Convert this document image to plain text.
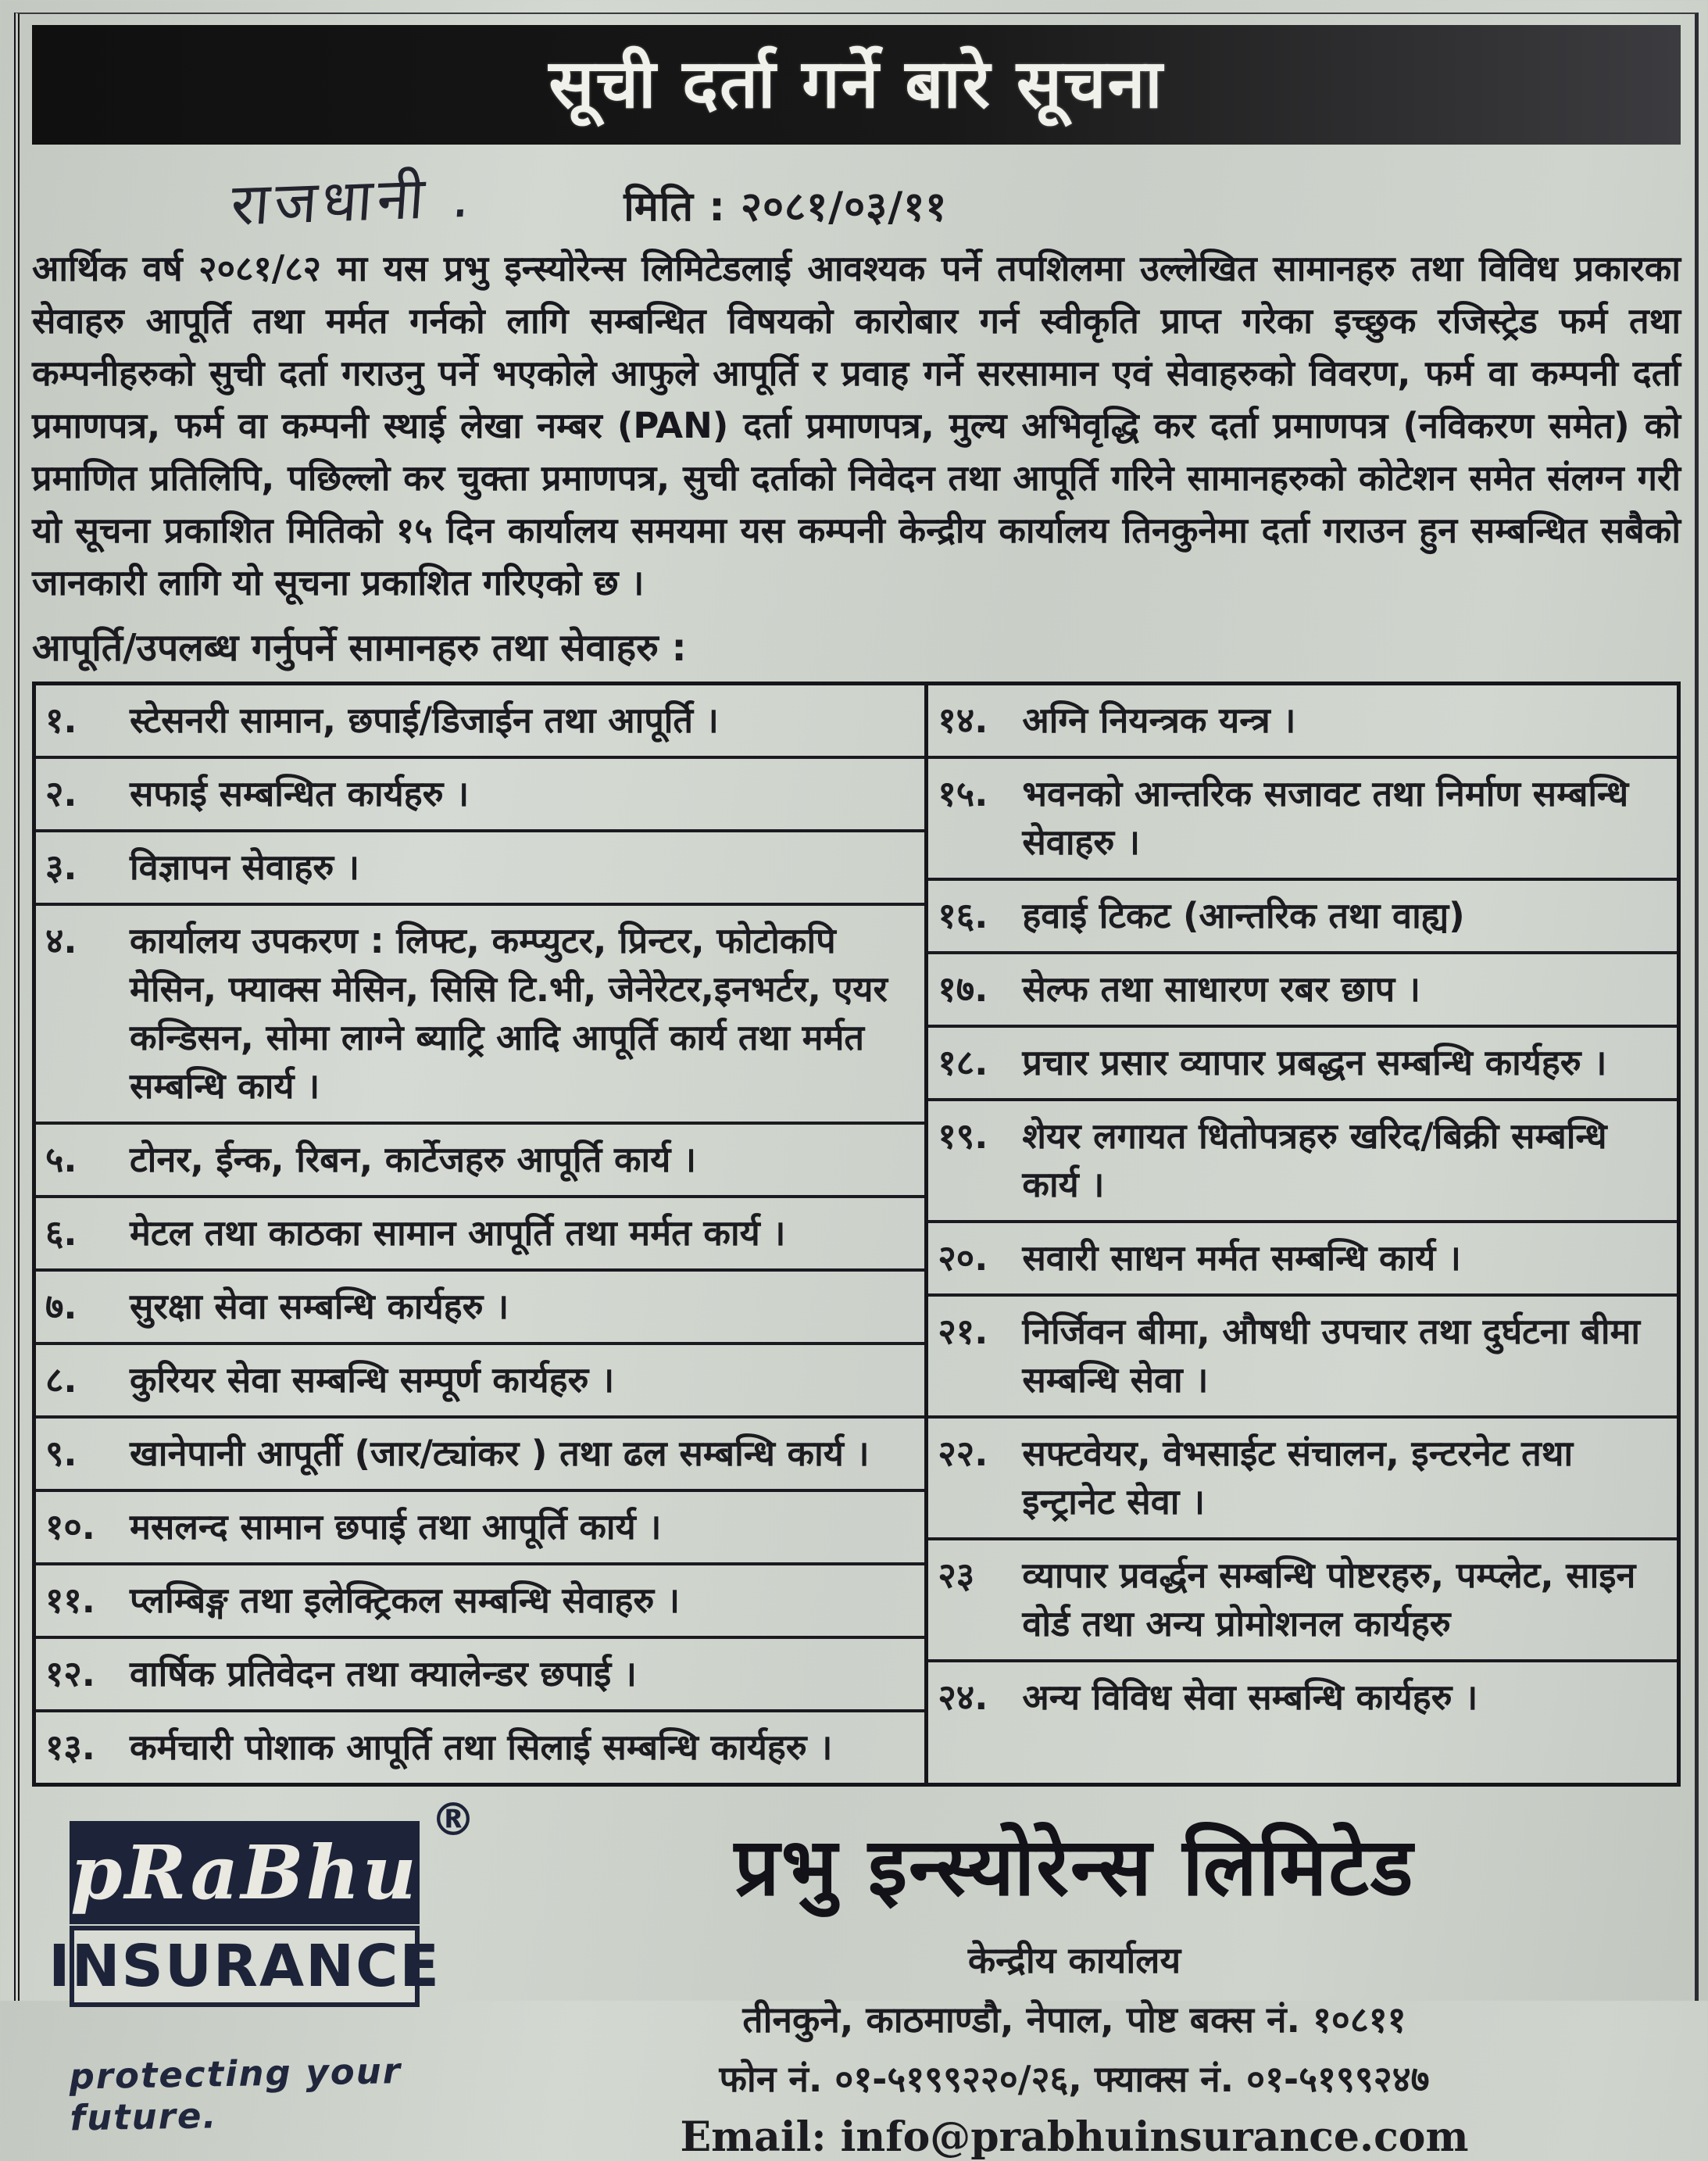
सूची दर्ता गर्ने बारे सूचना
राजधानी .	मिति : २०८१/०३/११
आर्थिक वर्ष २०८१/८२ मा यस प्रभु इन्स्योरेन्स लिमिटेडलाई आवश्यक पर्ने तपशिलमा उल्लेखित सामानहरु तथा विविध प्रकारका सेवाहरु आपूर्ति तथा मर्मत गर्नको लागि सम्बन्धित विषयको कारोबार गर्न स्वीकृति प्राप्त गरेका इच्छुक रजिस्ट्रेड फर्म तथा कम्पनीहरुको सुची दर्ता गराउनु पर्ने भएकोले आफुले आपूर्ति र प्रवाह गर्ने सरसामान एवं सेवाहरुको विवरण, फर्म वा कम्पनी दर्ता प्रमाणपत्र, फर्म वा कम्पनी स्थाई लेखा नम्बर (PAN) दर्ता प्रमाणपत्र, मुल्य अभिवृद्धि कर दर्ता प्रमाणपत्र (नविकरण समेत) को प्रमाणित प्रतिलिपि, पछिल्लो कर चुक्ता प्रमाणपत्र, सुची दर्ताको निवेदन तथा आपूर्ति गरिने सामानहरुको कोटेशन समेत संलग्न गरी यो सूचना प्रकाशित मितिको १५ दिन कार्यालय समयमा यस कम्पनी केन्द्रीय कार्यालय तिनकुनेमा दर्ता गराउन हुन सम्बन्धित सबैको जानकारी लागि यो सूचना प्रकाशित गरिएको छ ।
आपूर्ति/उपलब्ध गर्नुपर्ने सामानहरु तथा सेवाहरु :
१.	स्टेसनरी सामान, छपाई/डिजाईन तथा आपूर्ति ।
२.	सफाई सम्बन्धित कार्यहरु ।
३.	विज्ञापन सेवाहरु ।
४.	कार्यालय उपकरण : लिफ्ट, कम्प्युटर, प्रिन्टर, फोटोकपि मेसिन, फ्याक्स मेसिन, सिसि टि.भी, जेनेरेटर,इनभर्टर, एयर कन्डिसन, सोमा लाग्ने ब्याट्रि आदि आपूर्ति कार्य तथा मर्मत सम्बन्धि कार्य ।
५.	टोनर, ईन्क, रिबन, कार्टेजहरु आपूर्ति कार्य ।
६.	मेटल तथा काठका सामान आपूर्ति तथा मर्मत कार्य ।
७.	सुरक्षा सेवा सम्बन्धि कार्यहरु ।
८.	कुरियर सेवा सम्बन्धि सम्पूर्ण कार्यहरु ।
९.	खानेपानी आपूर्ती (जार/ट्यांकर ) तथा ढल सम्बन्धि कार्य ।
१०. मसलन्द सामान छपाई तथा आपूर्ति कार्य ।
११. प्लम्बिङ्ग तथा इलेक्ट्रिकल सम्बन्धि सेवाहरु ।
१२. वार्षिक प्रतिवेदन तथा क्यालेन्डर छपाई ।
१३. कर्मचारी पोशाक आपूर्ति तथा सिलाई सम्बन्धि कार्यहरु ।
१४. अग्नि नियन्त्रक यन्त्र ।
१५. भवनको आन्तरिक सजावट तथा निर्माण सम्बन्धि सेवाहरु ।
१६. हवाई टिकट (आन्तरिक तथा वाह्य)
१७. सेल्फ तथा साधारण रबर छाप ।
१८. प्रचार प्रसार व्यापार प्रबद्धन सम्बन्धि कार्यहरु ।
१९. शेयर लगायत धितोपत्रहरु खरिद/बिक्री सम्बन्धि कार्य ।
२०. सवारी साधन मर्मत सम्बन्धि कार्य ।
२१. निर्जिवन बीमा, औषधी उपचार तथा दुर्घटना बीमा सम्बन्धि सेवा ।
२२. सफ्टवेयर, वेभसाईट संचालन, इन्टरनेट तथा इन्ट्रानेट सेवा ।
२३	व्यापार प्रवर्द्धन सम्बन्धि पोष्टरहरु, पम्प्लेट, साइन वोर्ड तथा अन्य प्रोमोशनल कार्यहरु
२४. अन्य विविध सेवा सम्बन्धि कार्यहरु ।
pRaBhu
®
INSURANCE
protecting your future.
प्रभु इन्स्योरेन्स लिमिटेड
केन्द्रीय कार्यालय
तीनकुने, काठमाण्डौ, नेपाल, पोष्ट बक्स नं. १०८११
फोन नं. ०१-५१९९२२०/२६, फ्याक्स नं. ०१-५१९९२४७
Email: info@prabhuinsurance.com
